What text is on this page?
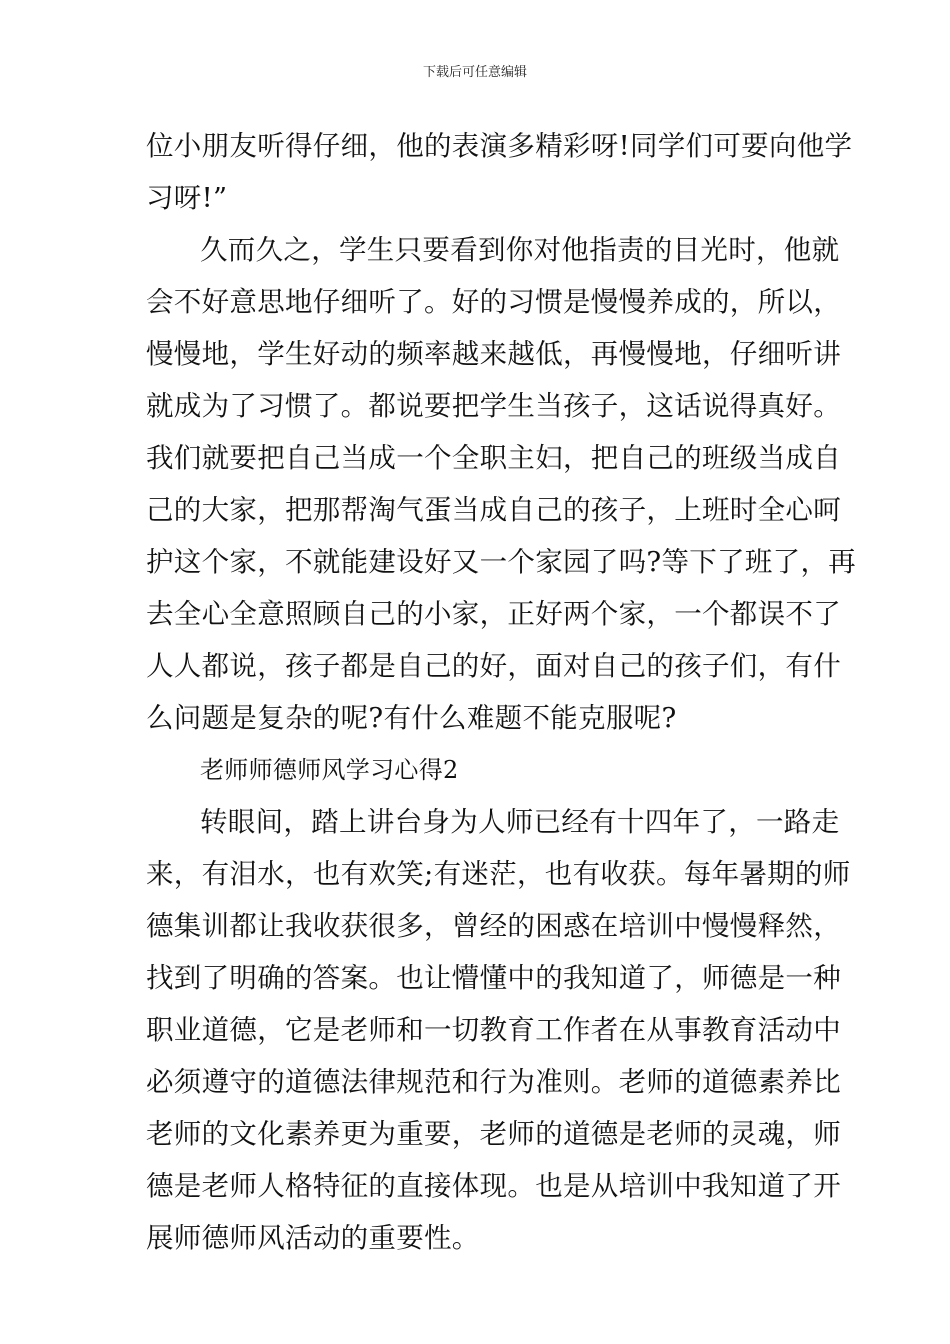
下载后可任意编辑
位小朋友听得仔细，他的表演多精彩呀!同学们可要向他学
习呀!”
久而久之，学生只要看到你对他指责的目光时，他就
会不好意思地仔细听了。好的习惯是慢慢养成的，所以，
慢慢地，学生好动的频率越来越低，再慢慢地，仔细听讲
就成为了习惯了。都说要把学生当孩子，这话说得真好。
我们就要把自己当成一个全职主妇，把自己的班级当成自
己的大家，把那帮淘气蛋当成自己的孩子，上班时全心呵
护这个家，不就能建设好又一个家园了吗?等下了班了，再
去全心全意照顾自己的小家，正好两个家，一个都误不了
人人都说，孩子都是自己的好，面对自己的孩子们，有什
么问题是复杂的呢?有什么难题不能克服呢?
老师师德师风学习心得2
转眼间，踏上讲台身为人师已经有十四年了，一路走
来，有泪水，也有欢笑;有迷茫，也有收获。每年暑期的师
德集训都让我收获很多，曾经的困惑在培训中慢慢释然，
找到了明确的答案。也让懵懂中的我知道了，师德是一种
职业道德，它是老师和一切教育工作者在从事教育活动中
必须遵守的道德法律规范和行为准则。老师的道德素养比
老师的文化素养更为重要，老师的道德是老师的灵魂，师
德是老师人格特征的直接体现。也是从培训中我知道了开
展师德师风活动的重要性。
